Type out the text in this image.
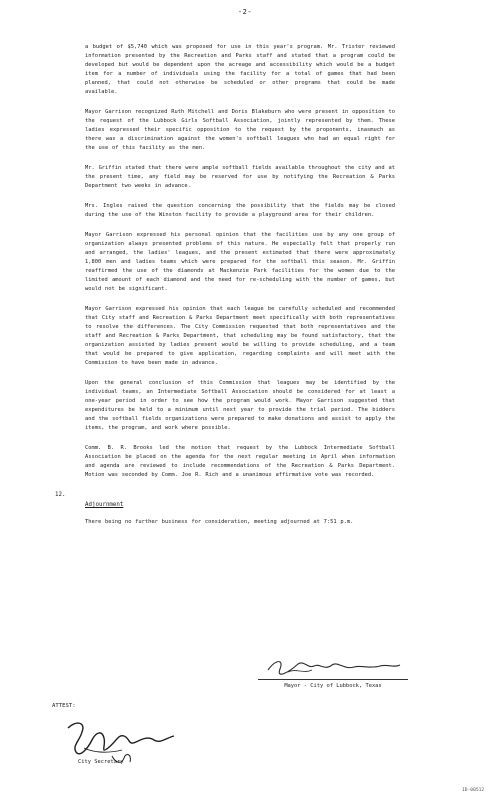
-2-

a budget of $5,740 which was proposed for use in this year's program. Mr. Trister reviewed information presented by the Recreation and Parks staff and stated that a program could be developed but would be dependent upon the acreage and accessibility which would be a budget item for a number of individuals using the facility for a total of games that had been planned, that could not otherwise be scheduled or other programs that could be made available.

Mayor Garrison recognized Ruth Mitchell and Doris Blakeburn who were present in opposition to the request of the Lubbock Girls Softball Association, jointly represented by them. These ladies expressed their specific opposition to the request by the proponents, inasmuch as there was a discrimination against the women's softball leagues who had an equal right for the use of this facility as the men.

Mr. Griffin stated that there were ample softball fields available throughout the city and at the present time, any field may be reserved for use by notifying the Recreation & Parks Department two weeks in advance.

Mrs. Ingles raised the question concerning the possibility that the fields may be closed during the use of the Winston facility to provide a playground area for their children.

Mayor Garrison expressed his personal opinion that the facilities use by any one group of organization always presented problems of this nature. He especially felt that properly run and arranged, the ladies' leagues, and the present estimated that there were approximately 1,800 men and ladies teams which were prepared for the softball this season. Mr. Griffin reaffirmed the use of the diamonds at Mackenzie Park facilities for the women due to the limited amount of each diamond and the need for re-scheduling with the number of games, but would not be significant.

Mayor Garrison expressed his opinion that each league be carefully scheduled and recommended that City staff and Recreation & Parks Department meet specifically with both representatives to resolve the differences. The City Commission requested that both representatives and the staff and Recreation & Parks Department, that scheduling may be found satisfactory, that the organization assisted by ladies present would be willing to provide scheduling, and a team that would be prepared to give application, regarding complaints and will meet with the Commission to have been made in advance.

Upon the general conclusion of this Commission that leagues may be identified by the individual teams, an Intermediate Softball Association should be considered for at least a one-year period in order to see how the program would work. Mayor Garrison suggested that expenditures be held to a minimum until next year to provide the trial period. The bidders and the softball fields organizations were prepared to make donations and assist to apply the items, the program, and work where possible.

Comm. B. R. Brooks led the motion that request by the Lubbock Intermediate Softball Association be placed on the agenda for the next regular meeting in April when information and agenda are reviewed to include recommendations of the Recreation & Parks Department. Motion was seconded by Comm. Joe R. Rich and a unanimous affirmative vote was recorded.

12.
Adjournment

There being no further business for consideration, meeting adjourned at 7:51 p.m.

Mayor - City of Lubbock, Texas
ATTEST:
City Secretary
ID-00512
